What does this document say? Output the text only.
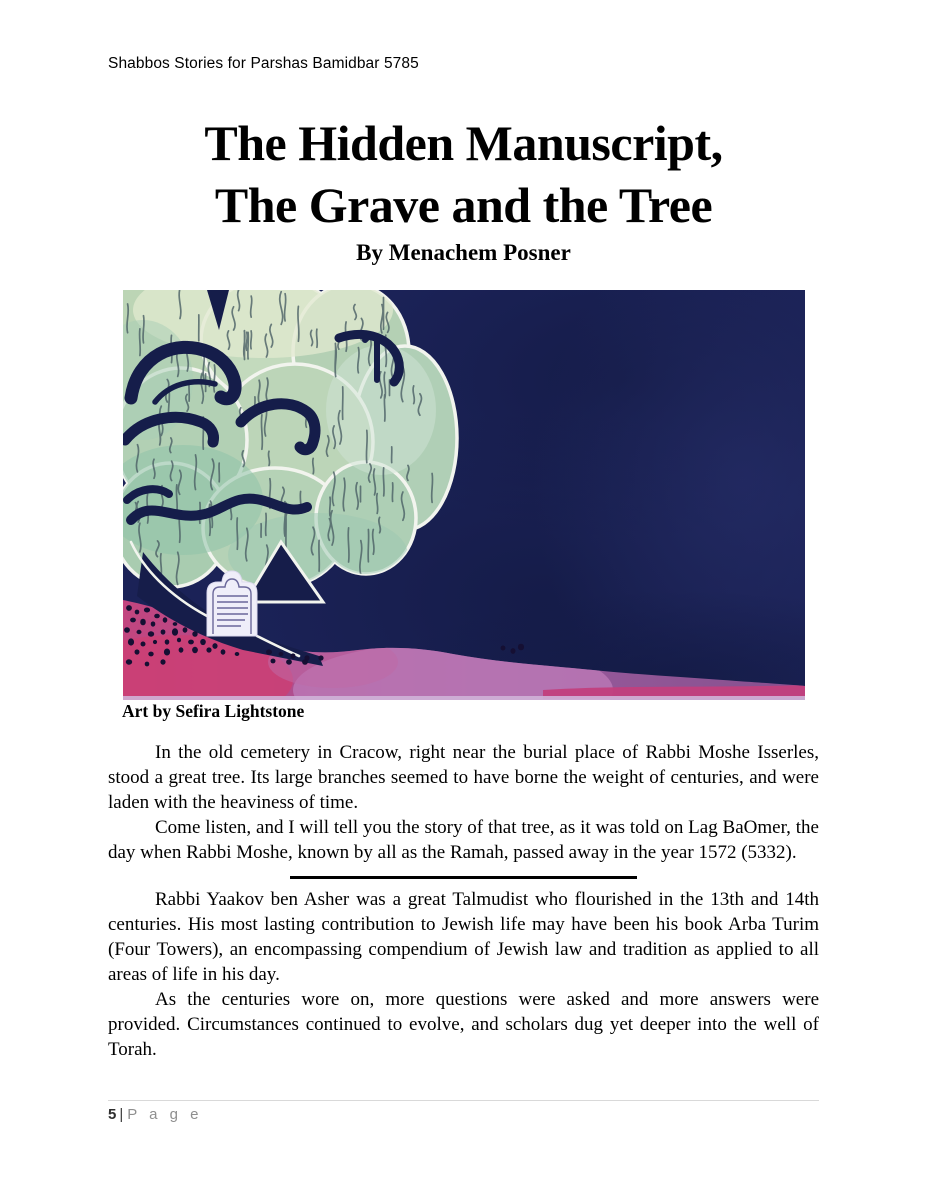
Shabbos Stories for Parshas Bamidbar 5785
The Hidden Manuscript,
The Grave and the Tree
By Menachem Posner
Art by Sefira Lightstone

In the old cemetery in Cracow, right near the burial place of Rabbi Moshe Isserles, stood a great tree. Its large branches seemed to have borne the weight of centuries, and were laden with the heaviness of time.

Come listen, and I will tell you the story of that tree, as it was told on Lag BaOmer, the day when Rabbi Moshe, known by all as the Ramah, passed away in the year 1572 (5332).

Rabbi Yaakov ben Asher was a great Talmudist who flourished in the 13th and 14th centuries. His most lasting contribution to Jewish life may have been his book Arba Turim (Four Towers), an encompassing compendium of Jewish law and tradition as applied to all areas of life in his day.

As the centuries wore on, more questions were asked and more answers were provided. Circumstances continued to evolve, and scholars dug yet deeper into the well of Torah.

5 | P a g e
